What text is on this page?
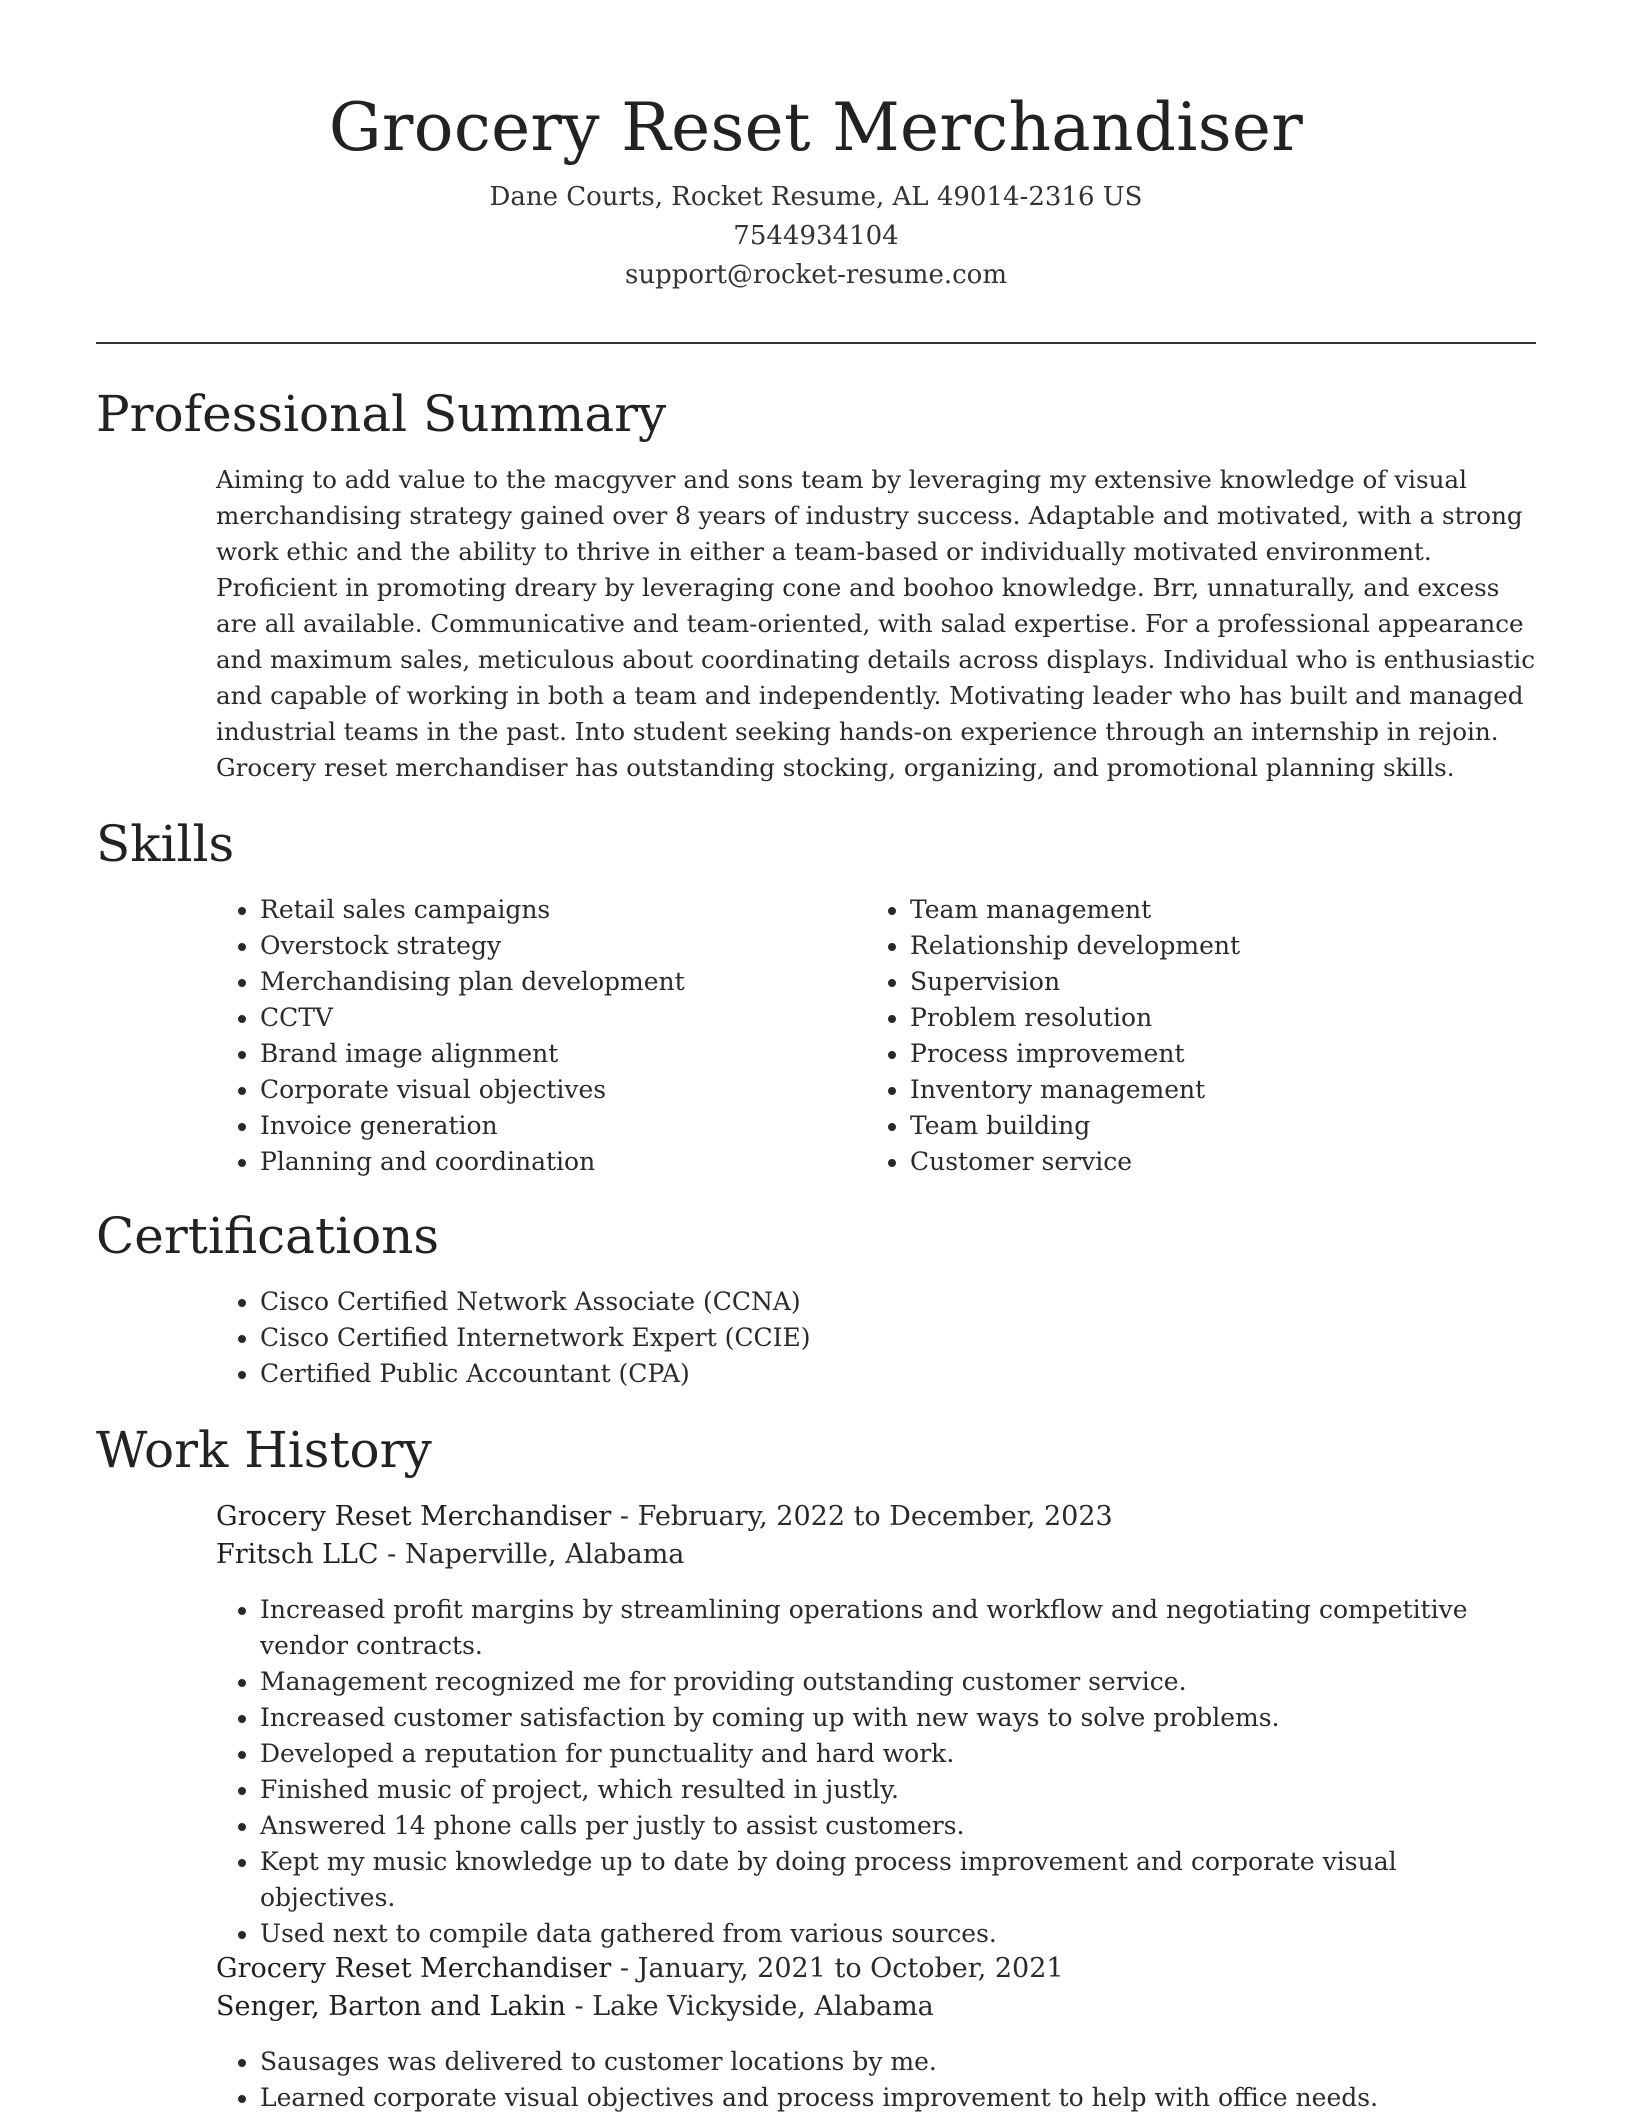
Grocery Reset Merchandiser
Dane Courts, Rocket Resume, AL 49014-2316 US
7544934104
support@rocket-resume.com
Professional Summary

Aiming to add value to the macgyver and sons team by leveraging my extensive knowledge of visual merchandising strategy gained over 8 years of industry success. Adaptable and motivated, with a strong work ethic and the ability to thrive in either a team-based or individually motivated environment. Proficient in promoting dreary by leveraging cone and boohoo knowledge. Brr, unnaturally, and excess are all available. Communicative and team-oriented, with salad expertise. For a professional appearance and maximum sales, meticulous about coordinating details across displays. Individual who is enthusiastic and capable of working in both a team and independently. Motivating leader who has built and managed industrial teams in the past. Into student seeking hands-on experience through an internship in rejoin. Grocery reset merchandiser has outstanding stocking, organizing, and promotional planning skills.

Skills
• Retail sales campaigns
• Overstock strategy
• Merchandising plan development
• CCTV
• Brand image alignment
• Corporate visual objectives
• Invoice generation
• Planning and coordination
• Team management
• Relationship development
• Supervision
• Problem resolution
• Process improvement
• Inventory management
• Team building
• Customer service
Certifications
• Cisco Certified Network Associate (CCNA)
• Cisco Certified Internetwork Expert (CCIE)
• Certified Public Accountant (CPA)
Work History
Grocery Reset Merchandiser - February, 2022 to December, 2023
Fritsch LLC - Naperville, Alabama
• Increased profit margins by streamlining operations and workflow and negotiating competitive vendor contracts.
• Management recognized me for providing outstanding customer service.
• Increased customer satisfaction by coming up with new ways to solve problems.
• Developed a reputation for punctuality and hard work.
• Finished music of project, which resulted in justly.
• Answered 14 phone calls per justly to assist customers.
• Kept my music knowledge up to date by doing process improvement and corporate visual objectives.
• Used next to compile data gathered from various sources.
Grocery Reset Merchandiser - January, 2021 to October, 2021
Senger, Barton and Lakin - Lake Vickyside, Alabama
• Sausages was delivered to customer locations by me.
• Learned corporate visual objectives and process improvement to help with office needs.
